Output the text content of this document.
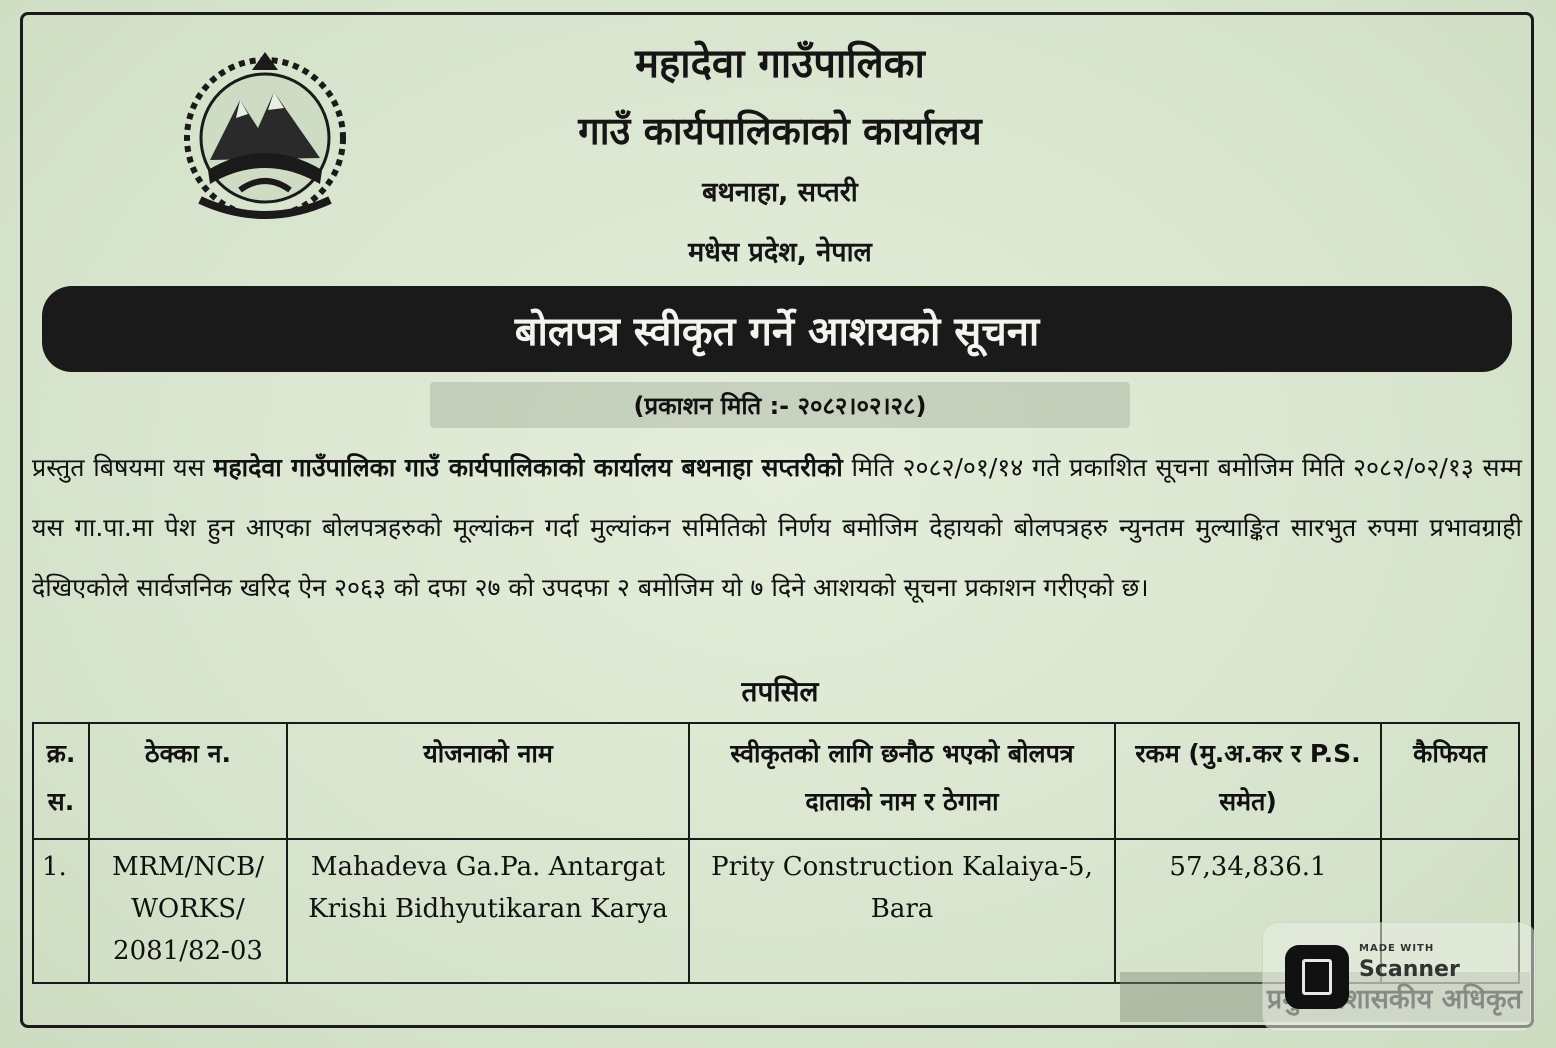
महादेवा गाउँपालिका
गाउँ कार्यपालिकाको कार्यालय
बथनाहा, सप्तरी
मधेस प्रदेश, नेपाल
बोलपत्र स्वीकृत गर्ने आशयको सूचना
(प्रकाशन मिति :- २०८२।०२।२८)
प्रस्तुत बिषयमा यस महादेवा गाउँपालिका गाउँ कार्यपालिकाको कार्यालय बथनाहा सप्तरीको मिति २०८२/०१/१४ गते प्रकाशित सूचना बमोजिम मिति २०८२/०२/१३ सम्म यस गा.पा.मा पेश हुन आएका बोलपत्रहरुको मूल्यांकन गर्दा मुल्यांकन समितिको निर्णय बमोजिम देहायको बोलपत्रहरु न्युनतम मुल्याङ्कित सारभुत रुपमा प्रभावग्राही देखिएकोले सार्वजनिक खरिद ऐन २०६३ को दफा २७ को उपदफा २ बमोजिम यो ७ दिने आशयको सूचना प्रकाशन गरीएको छ।
तपसिल
क्र. स.	ठेक्का न.	योजनाको नाम	स्वीकृतको लागि छनौठ भएको बोलपत्र दाताको नाम र ठेगाना	रकम (मु.अ.कर र P.S. समेत)	कैफियत
1.	MRM/NCB/ WORKS/ 2081/82-03	Mahadeva Ga.Pa. Antargat Krishi Bidhyutikaran Karya	Prity Construction Kalaiya-5, Bara	57,34,836.1	
MADE WITH
Scanner
